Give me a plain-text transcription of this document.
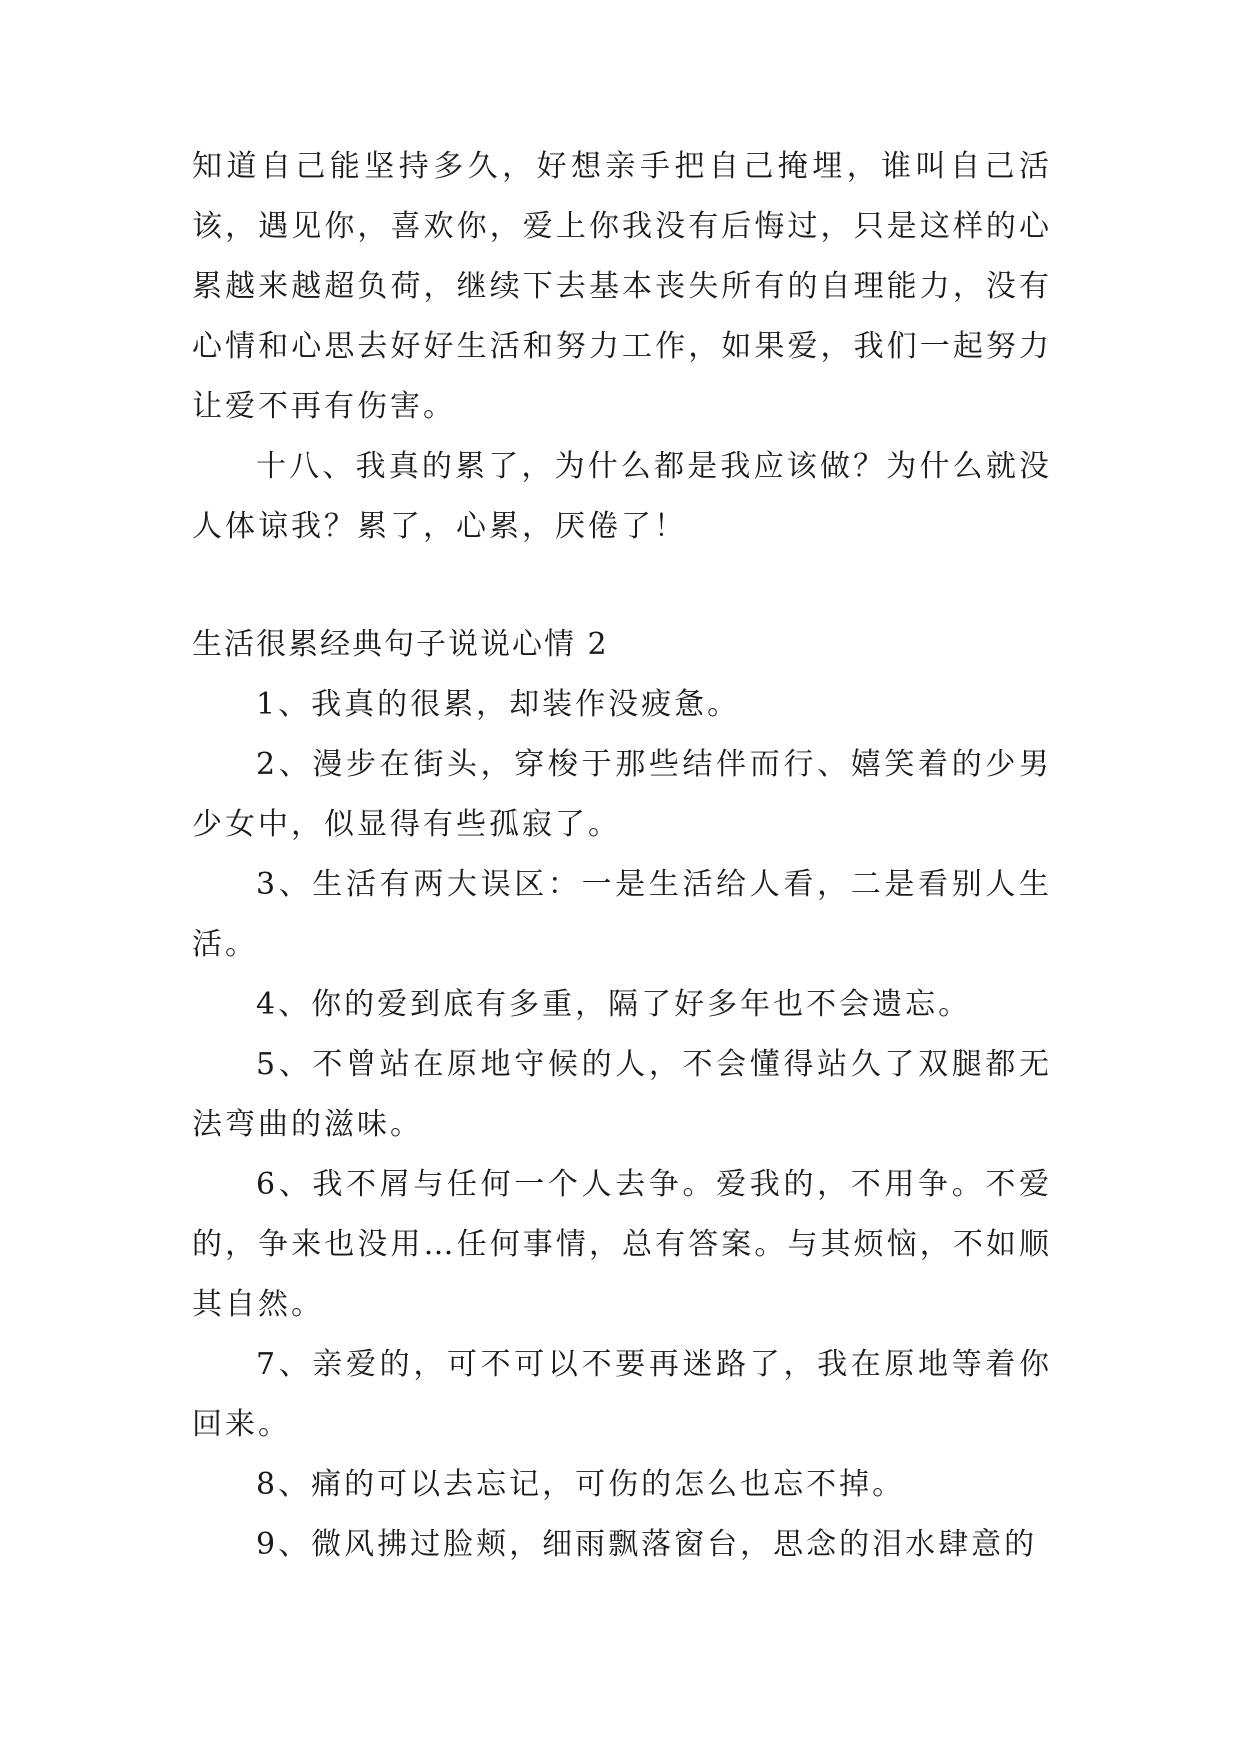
知道自己能坚持多久，好想亲手把自己掩埋，谁叫自己活该，遇见你，喜欢你，爱上你我没有后悔过，只是这样的心累越来越超负荷，继续下去基本丧失所有的自理能力，没有心情和心思去好好生活和努力工作，如果爱，我们一起努力让爱不再有伤害。

十八、我真的累了，为什么都是我应该做？为什么就没人体谅我？累了，心累，厌倦了！

生活很累经典句子说说心情 2

1、我真的很累，却装作没疲惫。

2、漫步在街头，穿梭于那些结伴而行、嬉笑着的少男少女中，似显得有些孤寂了。

3、生活有两大误区：一是生活给人看，二是看别人生活。

4、你的爱到底有多重，隔了好多年也不会遗忘。

5、不曾站在原地守候的人，不会懂得站久了双腿都无法弯曲的滋味。

6、我不屑与任何一个人去争。爱我的，不用争。不爱的，争来也没用…任何事情，总有答案。与其烦恼，不如顺其自然。

7、亲爱的，可不可以不要再迷路了，我在原地等着你回来。

8、痛的可以去忘记，可伤的怎么也忘不掉。

9、微风拂过脸颊，细雨飘落窗台，思念的泪水肆意的
